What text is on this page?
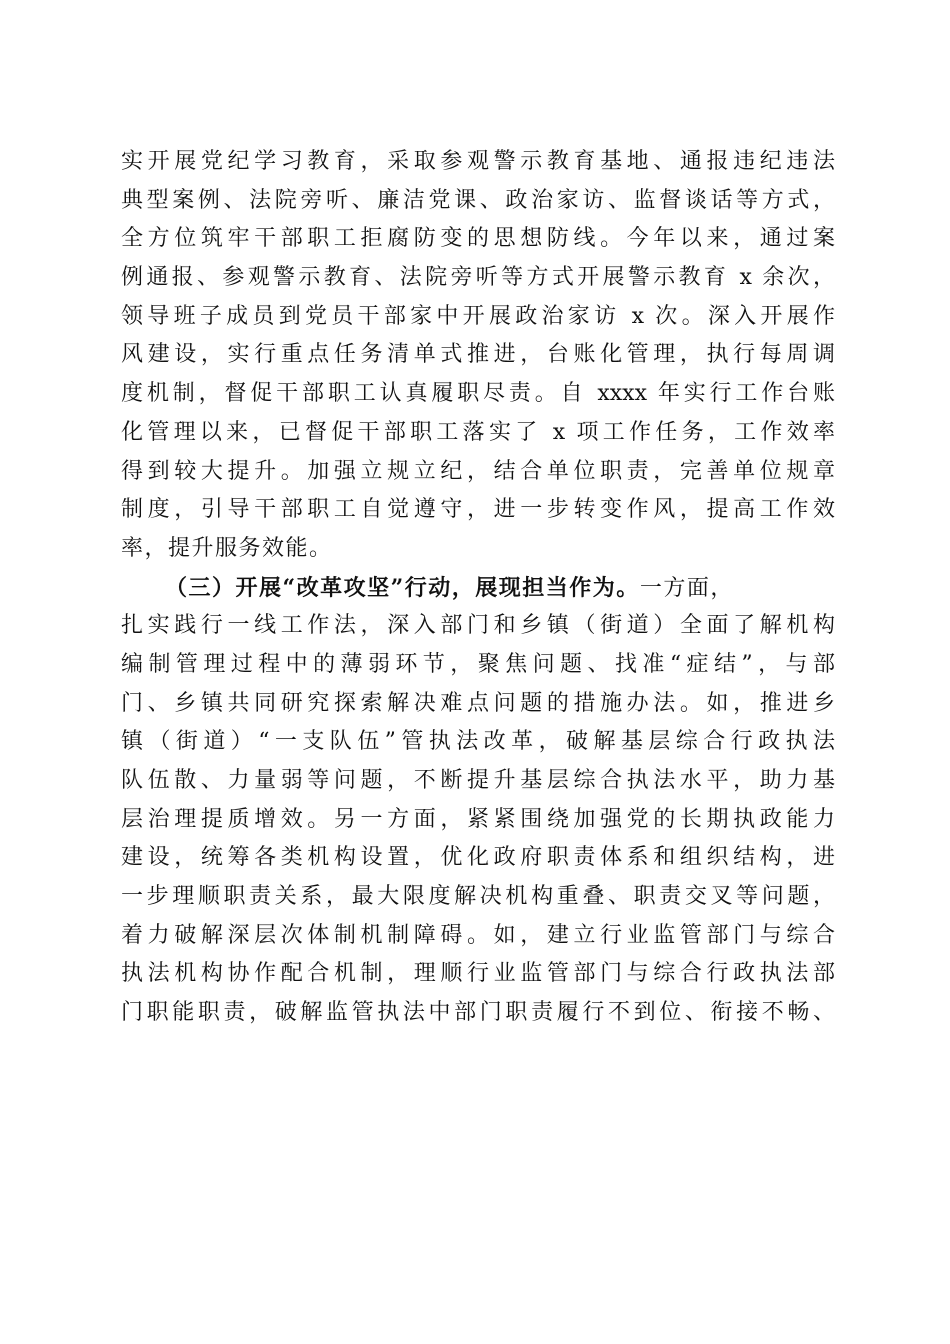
实开展党纪学习教育，采取参观警示教育基地、通报违纪违法
典型案例、法院旁听、廉洁党课、政治家访、监督谈话等方式，
全方位筑牢干部职工拒腐防变的思想防线。今年以来，通过案
例通报、参观警示教育、法院旁听等方式开展警示教育 x 余次，
领导班子成员到党员干部家中开展政治家访 x 次。深入开展作
风建设，实行重点任务清单式推进，台账化管理，执行每周调
度机制，督促干部职工认真履职尽责。自 xxxx 年实行工作台账
化管理以来，已督促干部职工落实了 x 项工作任务，工作效率
得到较大提升。加强立规立纪，结合单位职责，完善单位规章
制度，引导干部职工自觉遵守，进一步转变作风，提高工作效
率，提升服务效能。
（三）开展“改革攻坚”行动，展现担当作为。一方面，
扎实践行一线工作法，深入部门和乡镇（街道）全面了解机构
编制管理过程中的薄弱环节，聚焦问题、找准“症结”，与部
门、乡镇共同研究探索解决难点问题的措施办法。如，推进乡
镇（街道）“一支队伍”管执法改革，破解基层综合行政执法
队伍散、力量弱等问题，不断提升基层综合执法水平，助力基
层治理提质增效。另一方面，紧紧围绕加强党的长期执政能力
建设，统筹各类机构设置，优化政府职责体系和组织结构，进
一步理顺职责关系，最大限度解决机构重叠、职责交叉等问题，
着力破解深层次体制机制障碍。如，建立行业监管部门与综合
执法机构协作配合机制，理顺行业监管部门与综合行政执法部
门职能职责，破解监管执法中部门职责履行不到位、衔接不畅、
